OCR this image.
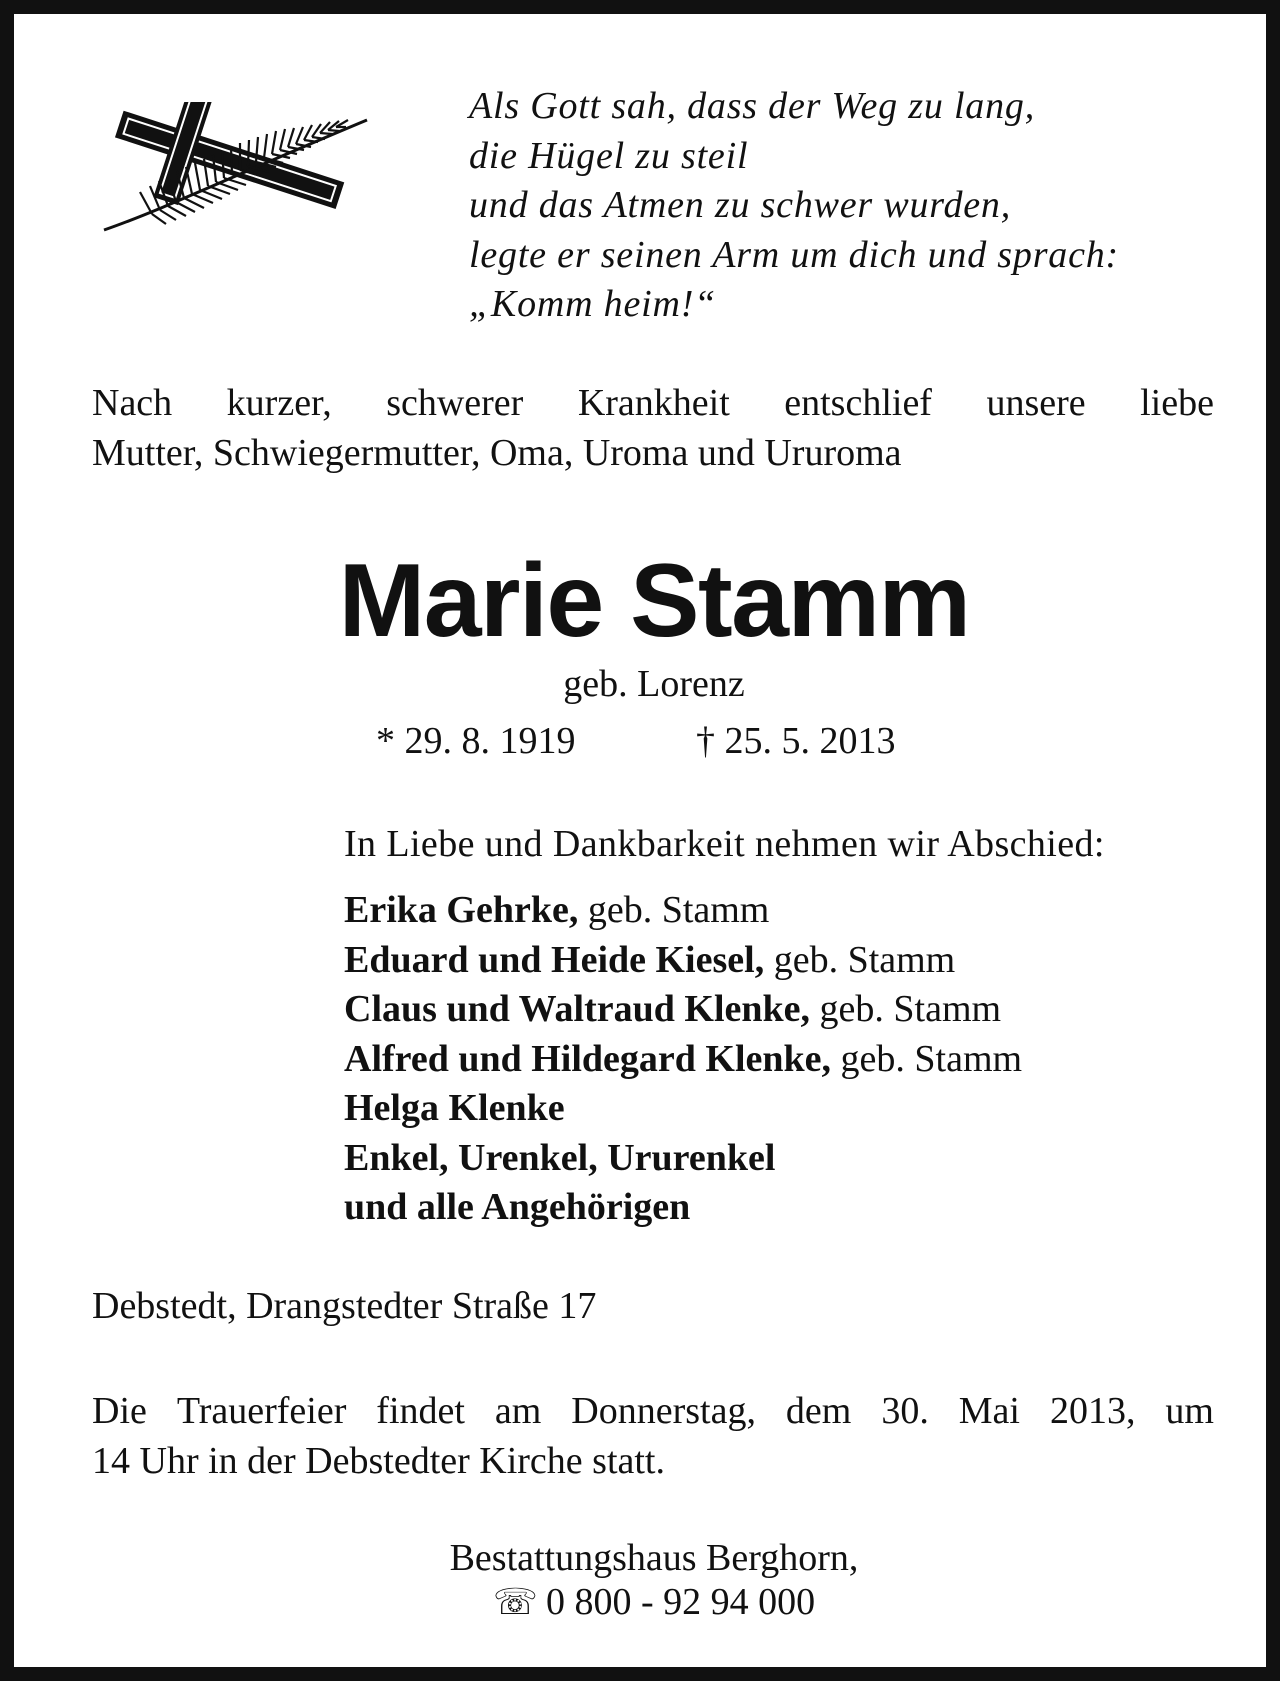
Als Gott sah, dass der Weg zu lang,
die Hügel zu steil
und das Atmen zu schwer wurden,
legte er seinen Arm um dich und sprach:
„Komm heim!“
Nach kurzer, schwerer Krankheit entschlief unsere liebe
Mutter, Schwiegermutter, Oma, Uroma und Ururoma
Marie Stamm
geb. Lorenz
* 29. 8. 1919	† 25. 5. 2013
In Liebe und Dankbarkeit nehmen wir Abschied:
Erika Gehrke, geb. Stamm
Eduard und Heide Kiesel, geb. Stamm
Claus und Waltraud Klenke, geb. Stamm
Alfred und Hildegard Klenke, geb. Stamm
Helga Klenke
Enkel, Urenkel, Ururenkel
und alle Angehörigen
Debstedt, Drangstedter Straße 17
Die Trauerfeier findet am Donnerstag, dem 30. Mai 2013, um
14 Uhr in der Debstedter Kirche statt.
Bestattungshaus Berghorn,
☏ 0 800 - 92 94 000
